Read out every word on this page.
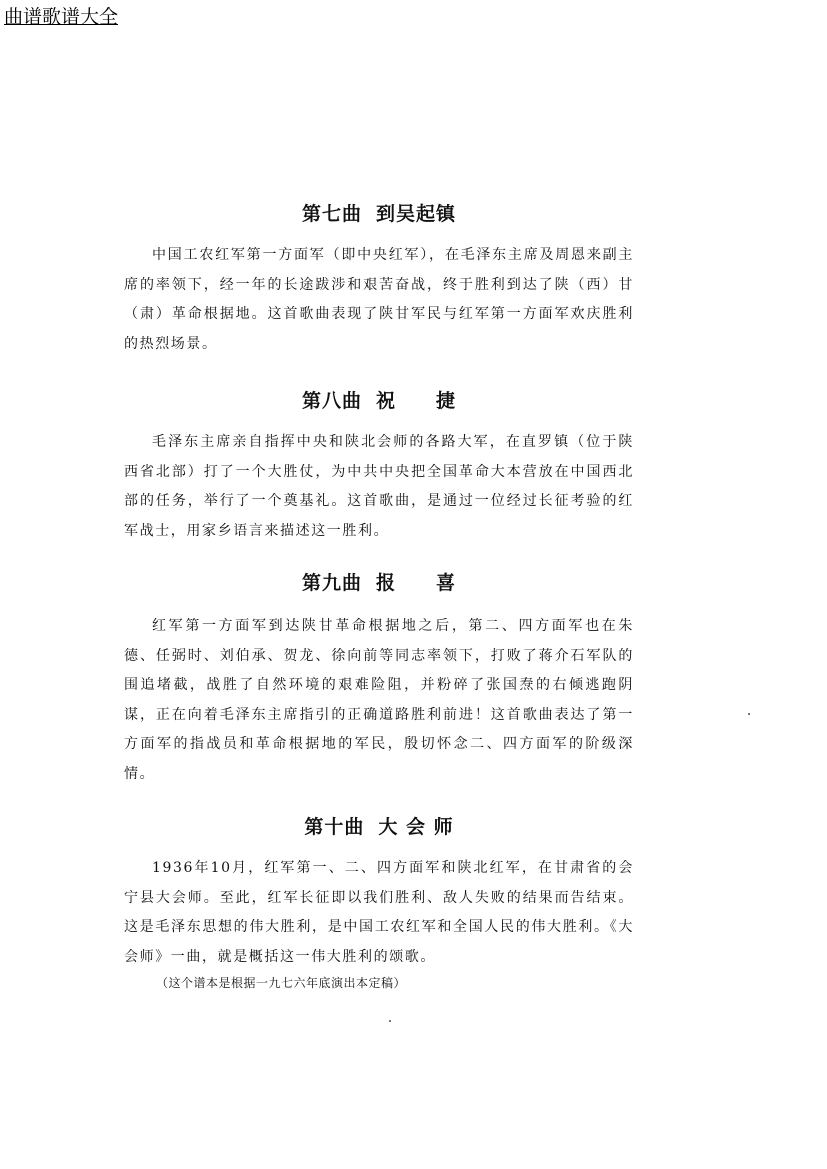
曲谱歌谱大全
第七曲 到吴起镇

中国工农红军第一方面军（即中央红军），在毛泽东主席及周恩来副主席的率领下，经一年的长途跋涉和艰苦奋战，终于胜利到达了陕（西）甘（肃）革命根据地。这首歌曲表现了陕甘军民与红军第一方面军欢庆胜利的热烈场景。

第八曲 祝　　捷

毛泽东主席亲自指挥中央和陕北会师的各路大军，在直罗镇（位于陕西省北部）打了一个大胜仗，为中共中央把全国革命大本营放在中国西北部的任务，举行了一个奠基礼。这首歌曲，是通过一位经过长征考验的红军战士，用家乡语言来描述这一胜利。

第九曲 报　　喜

红军第一方面军到达陕甘革命根据地之后，第二、四方面军也在朱德、任弼时、刘伯承、贺龙、徐向前等同志率领下，打败了蒋介石军队的围追堵截，战胜了自然环境的艰难险阻，并粉碎了张国焘的右倾逃跑阴谋，正在向着毛泽东主席指引的正确道路胜利前进！这首歌曲表达了第一方面军的指战员和革命根据地的军民，殷切怀念二、四方面军的阶级深情。

第十曲 大 会 师

1936年10月，红军第一、二、四方面军和陕北红军，在甘肃省的会宁县大会师。至此，红军长征即以我们胜利、敌人失败的结果而告结束。这是毛泽东思想的伟大胜利，是中国工农红军和全国人民的伟大胜利。《大会师》一曲，就是概括这一伟大胜利的颂歌。

（这个谱本是根据一九七六年底演出本定稿）
